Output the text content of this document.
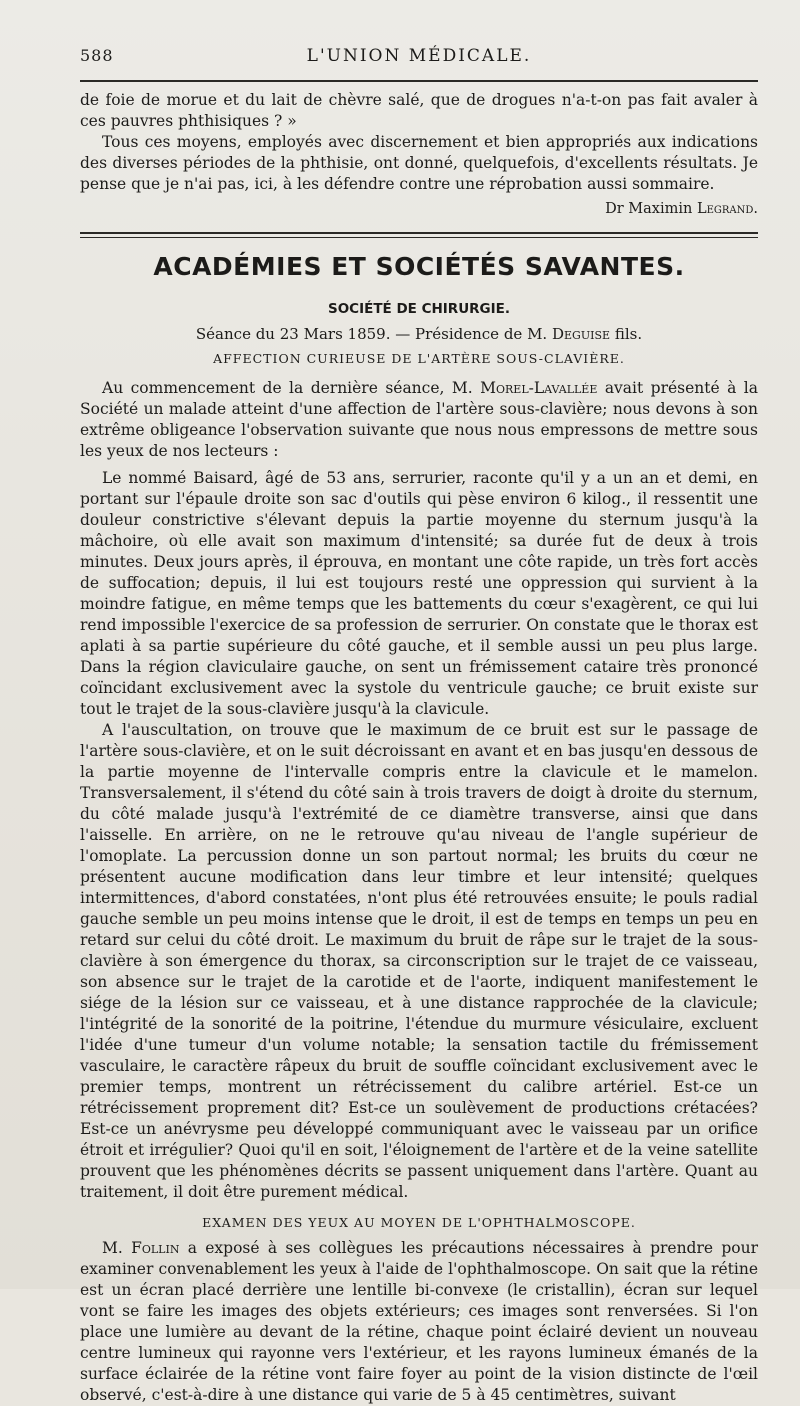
588	L'UNION MÉDICALE.

de foie de morue et du lait de chèvre salé, que de drogues n'a-t-on pas fait avaler à ces pauvres phthisiques ? »

Tous ces moyens, employés avec discernement et bien appropriés aux indications des diverses périodes de la phthisie, ont donné, quelquefois, d'excellents résultats. Je pense que je n'ai pas, ici, à les défendre contre une réprobation aussi sommaire.

Dr Maximin Legrand.

ACADÉMIES ET SOCIÉTÉS SAVANTES.
SOCIÉTÉ DE CHIRURGIE.
Séance du 23 Mars 1859. — Présidence de M. Deguise fils.
AFFECTION CURIEUSE DE L'ARTÈRE SOUS-CLAVIÈRE.

Au commencement de la dernière séance, M. Morel-Lavallée avait présenté à la Société un malade atteint d'une affection de l'artère sous-clavière; nous devons à son extrême obligeance l'observation suivante que nous nous empressons de mettre sous les yeux de nos lecteurs :

Le nommé Baisard, âgé de 53 ans, serrurier, raconte qu'il y a un an et demi, en portant sur l'épaule droite son sac d'outils qui pèse environ 6 kilog., il ressentit une douleur constrictive s'élevant depuis la partie moyenne du sternum jusqu'à la mâchoire, où elle avait son maximum d'intensité; sa durée fut de deux à trois minutes. Deux jours après, il éprouva, en montant une côte rapide, un très fort accès de suffocation; depuis, il lui est toujours resté une oppression qui survient à la moindre fatigue, en même temps que les battements du cœur s'exagèrent, ce qui lui rend impossible l'exercice de sa profession de serrurier. On constate que le thorax est aplati à sa partie supérieure du côté gauche, et il semble aussi un peu plus large. Dans la région claviculaire gauche, on sent un frémissement cataire très prononcé coïncidant exclusivement avec la systole du ventricule gauche; ce bruit existe sur tout le trajet de la sous-clavière jusqu'à la clavicule.

A l'auscultation, on trouve que le maximum de ce bruit est sur le passage de l'artère sous-clavière, et on le suit décroissant en avant et en bas jusqu'en dessous de la partie moyenne de l'intervalle compris entre la clavicule et le mamelon. Transversalement, il s'étend du côté sain à trois travers de doigt à droite du sternum, du côté malade jusqu'à l'extrémité de ce diamètre transverse, ainsi que dans l'aisselle. En arrière, on ne le retrouve qu'au niveau de l'angle supérieur de l'omoplate. La percussion donne un son partout normal; les bruits du cœur ne présentent aucune modification dans leur timbre et leur intensité; quelques intermittences, d'abord constatées, n'ont plus été retrouvées ensuite; le pouls radial gauche semble un peu moins intense que le droit, il est de temps en temps un peu en retard sur celui du côté droit. Le maximum du bruit de râpe sur le trajet de la sous-clavière à son émergence du thorax, sa circonscription sur le trajet de ce vaisseau, son absence sur le trajet de la carotide et de l'aorte, indiquent manifestement le siége de la lésion sur ce vaisseau, et à une distance rapprochée de la clavicule; l'intégrité de la sonorité de la poitrine, l'étendue du murmure vésiculaire, excluent l'idée d'une tumeur d'un volume notable; la sensation tactile du frémissement vasculaire, le caractère râpeux du bruit de souffle coïncidant exclusivement avec le premier temps, montrent un rétrécissement du calibre artériel. Est-ce un rétrécissement proprement dit? Est-ce un soulèvement de productions crétacées? Est-ce un anévrysme peu développé communiquant avec le vaisseau par un orifice étroit et irrégulier? Quoi qu'il en soit, l'éloignement de l'artère et de la veine satellite prouvent que les phénomènes décrits se passent uniquement dans l'artère. Quant au traitement, il doit être purement médical.

EXAMEN DES YEUX AU MOYEN DE L'OPHTHALMOSCOPE.

M. Follin a exposé à ses collègues les précautions nécessaires à prendre pour examiner convenablement les yeux à l'aide de l'ophthalmoscope. On sait que la rétine est un écran placé derrière une lentille bi-convexe (le cristallin), écran sur lequel vont se faire les images des objets extérieurs; ces images sont renversées. Si l'on place une lumière au devant de la rétine, chaque point éclairé devient un nouveau centre lumineux qui rayonne vers l'extérieur, et les rayons lumineux émanés de la surface éclairée de la rétine vont faire foyer au point de la vision distincte de l'œil observé, c'est-à-dire à une distance qui varie de 5 à 45 centimètres, suivant
